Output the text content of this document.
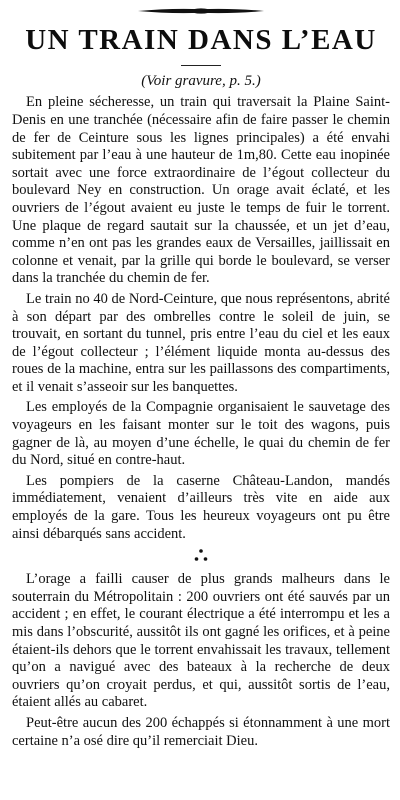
UN TRAIN DANS L’EAU
(Voir gravure, p. 5.)

En pleine sécheresse, un train qui traversait la Plaine Saint-Denis en une tranchée (nécessaire afin de faire passer le chemin de fer de Ceinture sous les lignes principales) a été envahi subitement par l’eau à une hauteur de 1m,80. Cette eau inopinée sortait avec une force extraordinaire de l’égout collecteur du boulevard Ney en construction. Un orage avait éclaté, et les ouvriers de l’égout avaient eu juste le temps de fuir le torrent. Une plaque de regard sautait sur la chaussée, et un jet d’eau, comme n’en ont pas les grandes eaux de Versailles, jaillissait en colonne et venait, par la grille qui borde le boulevard, se verser dans la tranchée du chemin de fer.

Le train no 40 de Nord-Ceinture, que nous représentons, abrité à son départ par des ombrelles contre le soleil de juin, se trouvait, en sortant du tunnel, pris entre l’eau du ciel et les eaux de l’égout collecteur ; l’élément liquide monta au-dessus des roues de la machine, entra sur les paillassons des compartiments, et il venait s’asseoir sur les banquettes.

Les employés de la Compagnie organisaient le sauvetage des voyageurs en les faisant monter sur le toit des wagons, puis gagner de là, au moyen d’une échelle, le quai du chemin de fer du Nord, situé en contre-haut.

Les pompiers de la caserne Château-Landon, mandés immédiatement, venaient d’ailleurs très vite en aide aux employés de la gare. Tous les heureux voyageurs ont pu être ainsi débarqués sans accident.

L’orage a failli causer de plus grands malheurs dans le souterrain du Métropolitain : 200 ouvriers ont été sauvés par un accident ; en effet, le courant électrique a été interrompu et les a mis dans l’obscurité, aussitôt ils ont gagné les orifices, et à peine étaient-ils dehors que le torrent envahissait les travaux, tellement qu’on a navigué avec des bateaux à la recherche de deux ouvriers qu’on croyait perdus, et qui, aussitôt sortis de l’eau, étaient allés au cabaret.

Peut-être aucun des 200 échappés si étonnamment à une mort certaine n’a osé dire qu’il remerciait Dieu.
